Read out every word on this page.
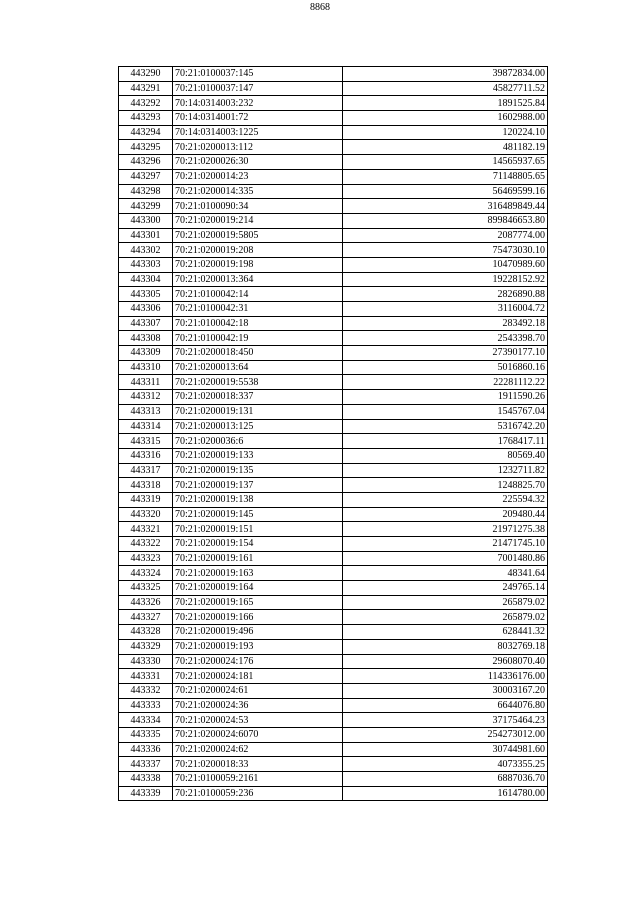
8868
443290	70:21:0100037:145	39872834.00
443291	70:21:0100037:147	45827711.52
443292	70:14:0314003:232	1891525.84
443293	70:14:0314001:72	1602988.00
443294	70:14:0314003:1225	120224.10
443295	70:21:0200013:112	481182.19
443296	70:21:0200026:30	14565937.65
443297	70:21:0200014:23	71148805.65
443298	70:21:0200014:335	56469599.16
443299	70:21:0100090:34	316489849.44
443300	70:21:0200019:214	899846653.80
443301	70:21:0200019:5805	2087774.00
443302	70:21:0200019:208	75473030.10
443303	70:21:0200019:198	10470989.60
443304	70:21:0200013:364	19228152.92
443305	70:21:0100042:14	2826890.88
443306	70:21:0100042:31	3116004.72
443307	70:21:0100042:18	283492.18
443308	70:21:0100042:19	2543398.70
443309	70:21:0200018:450	27390177.10
443310	70:21:0200013:64	5016860.16
443311	70:21:0200019:5538	22281112.22
443312	70:21:0200018:337	1911590.26
443313	70:21:0200019:131	1545767.04
443314	70:21:0200013:125	5316742.20
443315	70:21:0200036:6	1768417.11
443316	70:21:0200019:133	80569.40
443317	70:21:0200019:135	1232711.82
443318	70:21:0200019:137	1248825.70
443319	70:21:0200019:138	225594.32
443320	70:21:0200019:145	209480.44
443321	70:21:0200019:151	21971275.38
443322	70:21:0200019:154	21471745.10
443323	70:21:0200019:161	7001480.86
443324	70:21:0200019:163	48341.64
443325	70:21:0200019:164	249765.14
443326	70:21:0200019:165	265879.02
443327	70:21:0200019:166	265879.02
443328	70:21:0200019:496	628441.32
443329	70:21:0200019:193	8032769.18
443330	70:21:0200024:176	29608070.40
443331	70:21:0200024:181	114336176.00
443332	70:21:0200024:61	30003167.20
443333	70:21:0200024:36	6644076.80
443334	70:21:0200024:53	37175464.23
443335	70:21:0200024:6070	254273012.00
443336	70:21:0200024:62	30744981.60
443337	70:21:0200018:33	4073355.25
443338	70:21:0100059:2161	6887036.70
443339	70:21:0100059:236	1614780.00
